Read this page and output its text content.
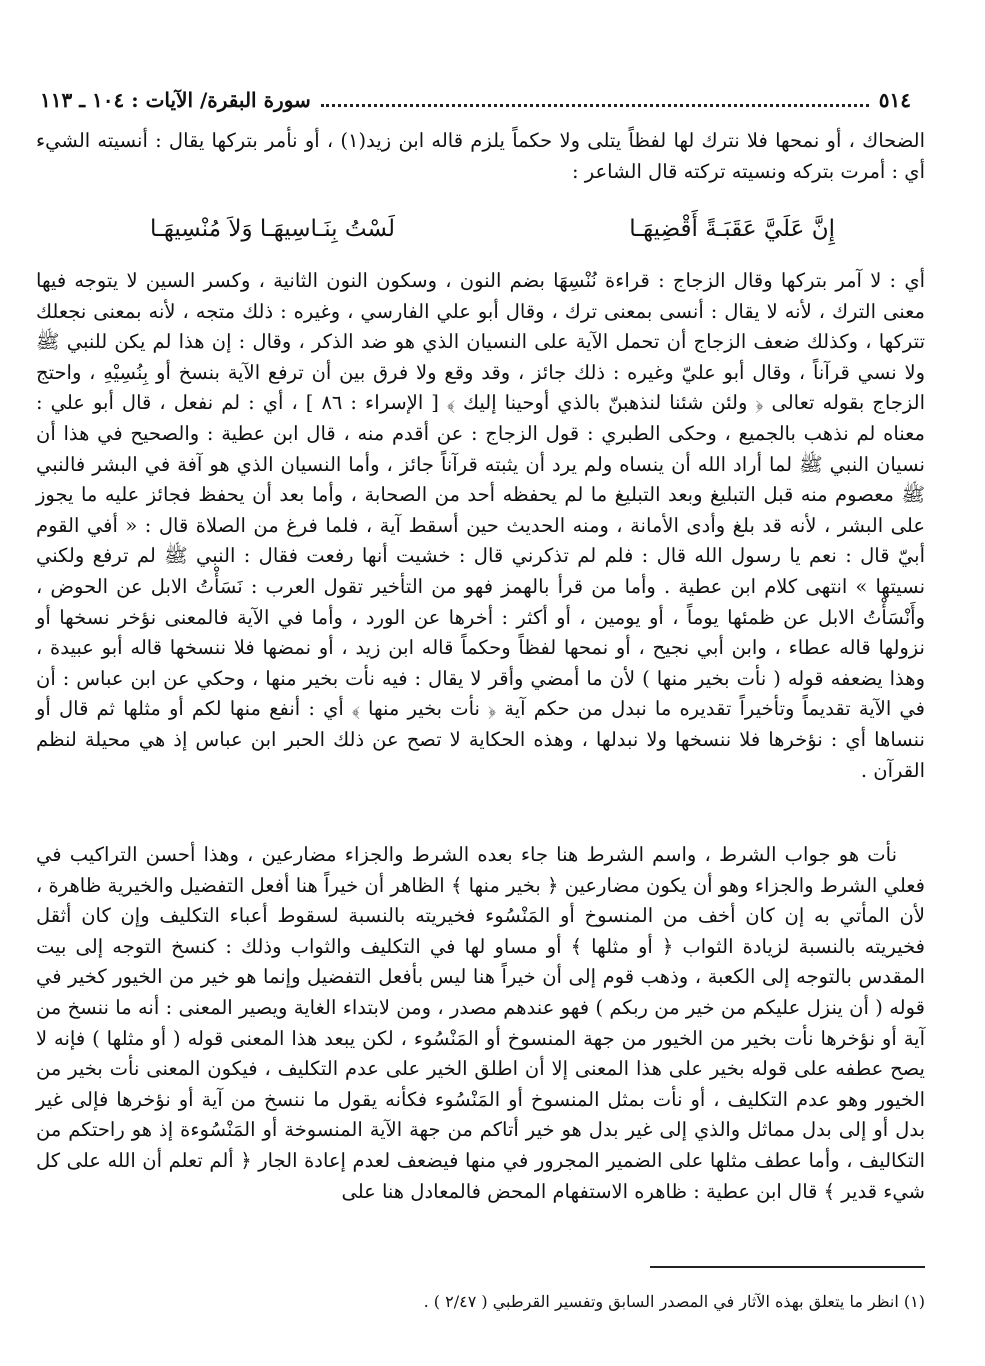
٥١٤
سورة البقرة/ الآيات : ١٠٤ ـ ١١٣

الضحاك ، أو نمحها فلا نترك لها لفظاً يتلى ولا حكماً يلزم قاله ابن زيد(١) ، أو نأمر بتركها يقال : أنسيته الشيء أي : أمرت بتركه ونسيته تركته قال الشاعر :

إِنَّ عَلَيَّ عَقَبَـةً أَقْضِيهَـا
لَسْتُ بِنَـاسِيهَـا وَلاَ مُنْسِيهَـا

أي : لا آمر بتركها وقال الزجاج : قراءة نُنْسِهَا بضم النون ، وسكون النون الثانية ، وكسر السين لا يتوجه فيها معنى الترك ، لأنه لا يقال : أنسى بمعنى ترك ، وقال أبو علي الفارسي ، وغيره : ذلك متجه ، لأنه بمعنى نجعلك تتركها ، وكذلك ضعف الزجاج أن تحمل الآية على النسيان الذي هو ضد الذكر ، وقال : إن هذا لم يكن للنبي ﷺ ولا نسي قرآناً ، وقال أبو عليّ وغيره : ذلك جائز ، وقد وقع ولا فرق بين أن ترفع الآية بنسخ أو بِنُسِيْهِ ، واحتج الزجاج بقوله تعالى ﴿ ولئن شئنا لنذهبنّ بالذي أوحينا إليك ﴾ [ الإسراء : ٨٦ ] ، أي : لم نفعل ، قال أبو علي : معناه لم نذهب بالجميع ، وحكى الطبري : قول الزجاج : عن أقدم منه ، قال ابن عطية : والصحيح في هذا أن نسيان النبي ﷺ لما أراد الله أن ينساه ولم يرد أن يثبته قرآناً جائز ، وأما النسيان الذي هو آفة في البشر فالنبي ﷺ معصوم منه قبل التبليغ وبعد التبليغ ما لم يحفظه أحد من الصحابة ، وأما بعد أن يحفظ فجائز عليه ما يجوز على البشر ، لأنه قد بلغ وأدى الأمانة ، ومنه الحديث حين أسقط آية ، فلما فرغ من الصلاة قال : « أفي القوم أبيّ قال : نعم يا رسول الله قال : فلم لم تذكرني قال : خشيت أنها رفعت فقال : النبي ﷺ لم ترفع ولكني نسيتها » انتهى كلام ابن عطية . وأما من قرأ بالهمز فهو من التأخير تقول العرب : نَسَأْتُ الابل عن الحوض ، وأَنْسَأْتُ الابل عن ظمئها يوماً ، أو يومين ، أو أكثر : أخرها عن الورد ، وأما في الآية فالمعنى نؤخر نسخها أو نزولها قاله عطاء ، وابن أبي نجيح ، أو نمحها لفظاً وحكماً قاله ابن زيد ، أو نمضها فلا ننسخها قاله أبو عبيدة ، وهذا يضعفه قوله ( نأت بخير منها ) لأن ما أمضي وأقر لا يقال : فيه نأت بخير منها ، وحكي عن ابن عباس : أن في الآية تقديماً وتأخيراً تقديره ما نبدل من حكم آية ﴿ نأت بخير منها ﴾ أي : أنفع منها لكم أو مثلها ثم قال أو ننساها أي : نؤخرها فلا ننسخها ولا نبدلها ، وهذه الحكاية لا تصح عن ذلك الحبر ابن عباس إذ هي محيلة لنظم القرآن .

نأت هو جواب الشرط ، واسم الشرط هنا جاء بعده الشرط والجزاء مضارعين ، وهذا أحسن التراكيب في فعلي الشرط والجزاء وهو أن يكون مضارعين ﴿ بخير منها ﴾ الظاهر أن خيراً هنا أفعل التفضيل والخيرية ظاهرة ، لأن المأتي به إن كان أخف من المنسوخ أو المَنْسُوء فخيريته بالنسبة لسقوط أعباء التكليف وإن كان أثقل فخيريته بالنسبة لزيادة الثواب ﴿ أو مثلها ﴾ أو مساو لها في التكليف والثواب وذلك : كنسخ التوجه إلى بيت المقدس بالتوجه إلى الكعبة ، وذهب قوم إلى أن خيراً هنا ليس بأفعل التفضيل وإنما هو خير من الخيور كخير في قوله ( أن ينزل عليكم من خير من ربكم ) فهو عندهم مصدر ، ومن لابتداء الغاية ويصير المعنى : أنه ما ننسخ من آية أو نؤخرها نأت بخير من الخيور من جهة المنسوخ أو المَنْسُوء ، لكن يبعد هذا المعنى قوله ( أو مثلها ) فإنه لا يصح عطفه على قوله بخير على هذا المعنى إلا أن اطلق الخير على عدم التكليف ، فيكون المعنى نأت بخير من الخيور وهو عدم التكليف ، أو نأت بمثل المنسوخ أو المَنْسُوء فكأنه يقول ما ننسخ من آية أو نؤخرها فإلى غير بدل أو إلى بدل مماثل والذي إلى غير بدل هو خير أتاكم من جهة الآية المنسوخة أو المَنْسُوءة إذ هو راحتكم من التكاليف ، وأما عطف مثلها على الضمير المجرور في منها فيضعف لعدم إعادة الجار ﴿ ألم تعلم أن الله على كل شيء قدير ﴾ قال ابن عطية : ظاهره الاستفهام المحض فالمعادل هنا على

(١) انظر ما يتعلق بهذه الآثار في المصدر السابق وتفسير القرطبي ( ٢/٤٧ ) .
